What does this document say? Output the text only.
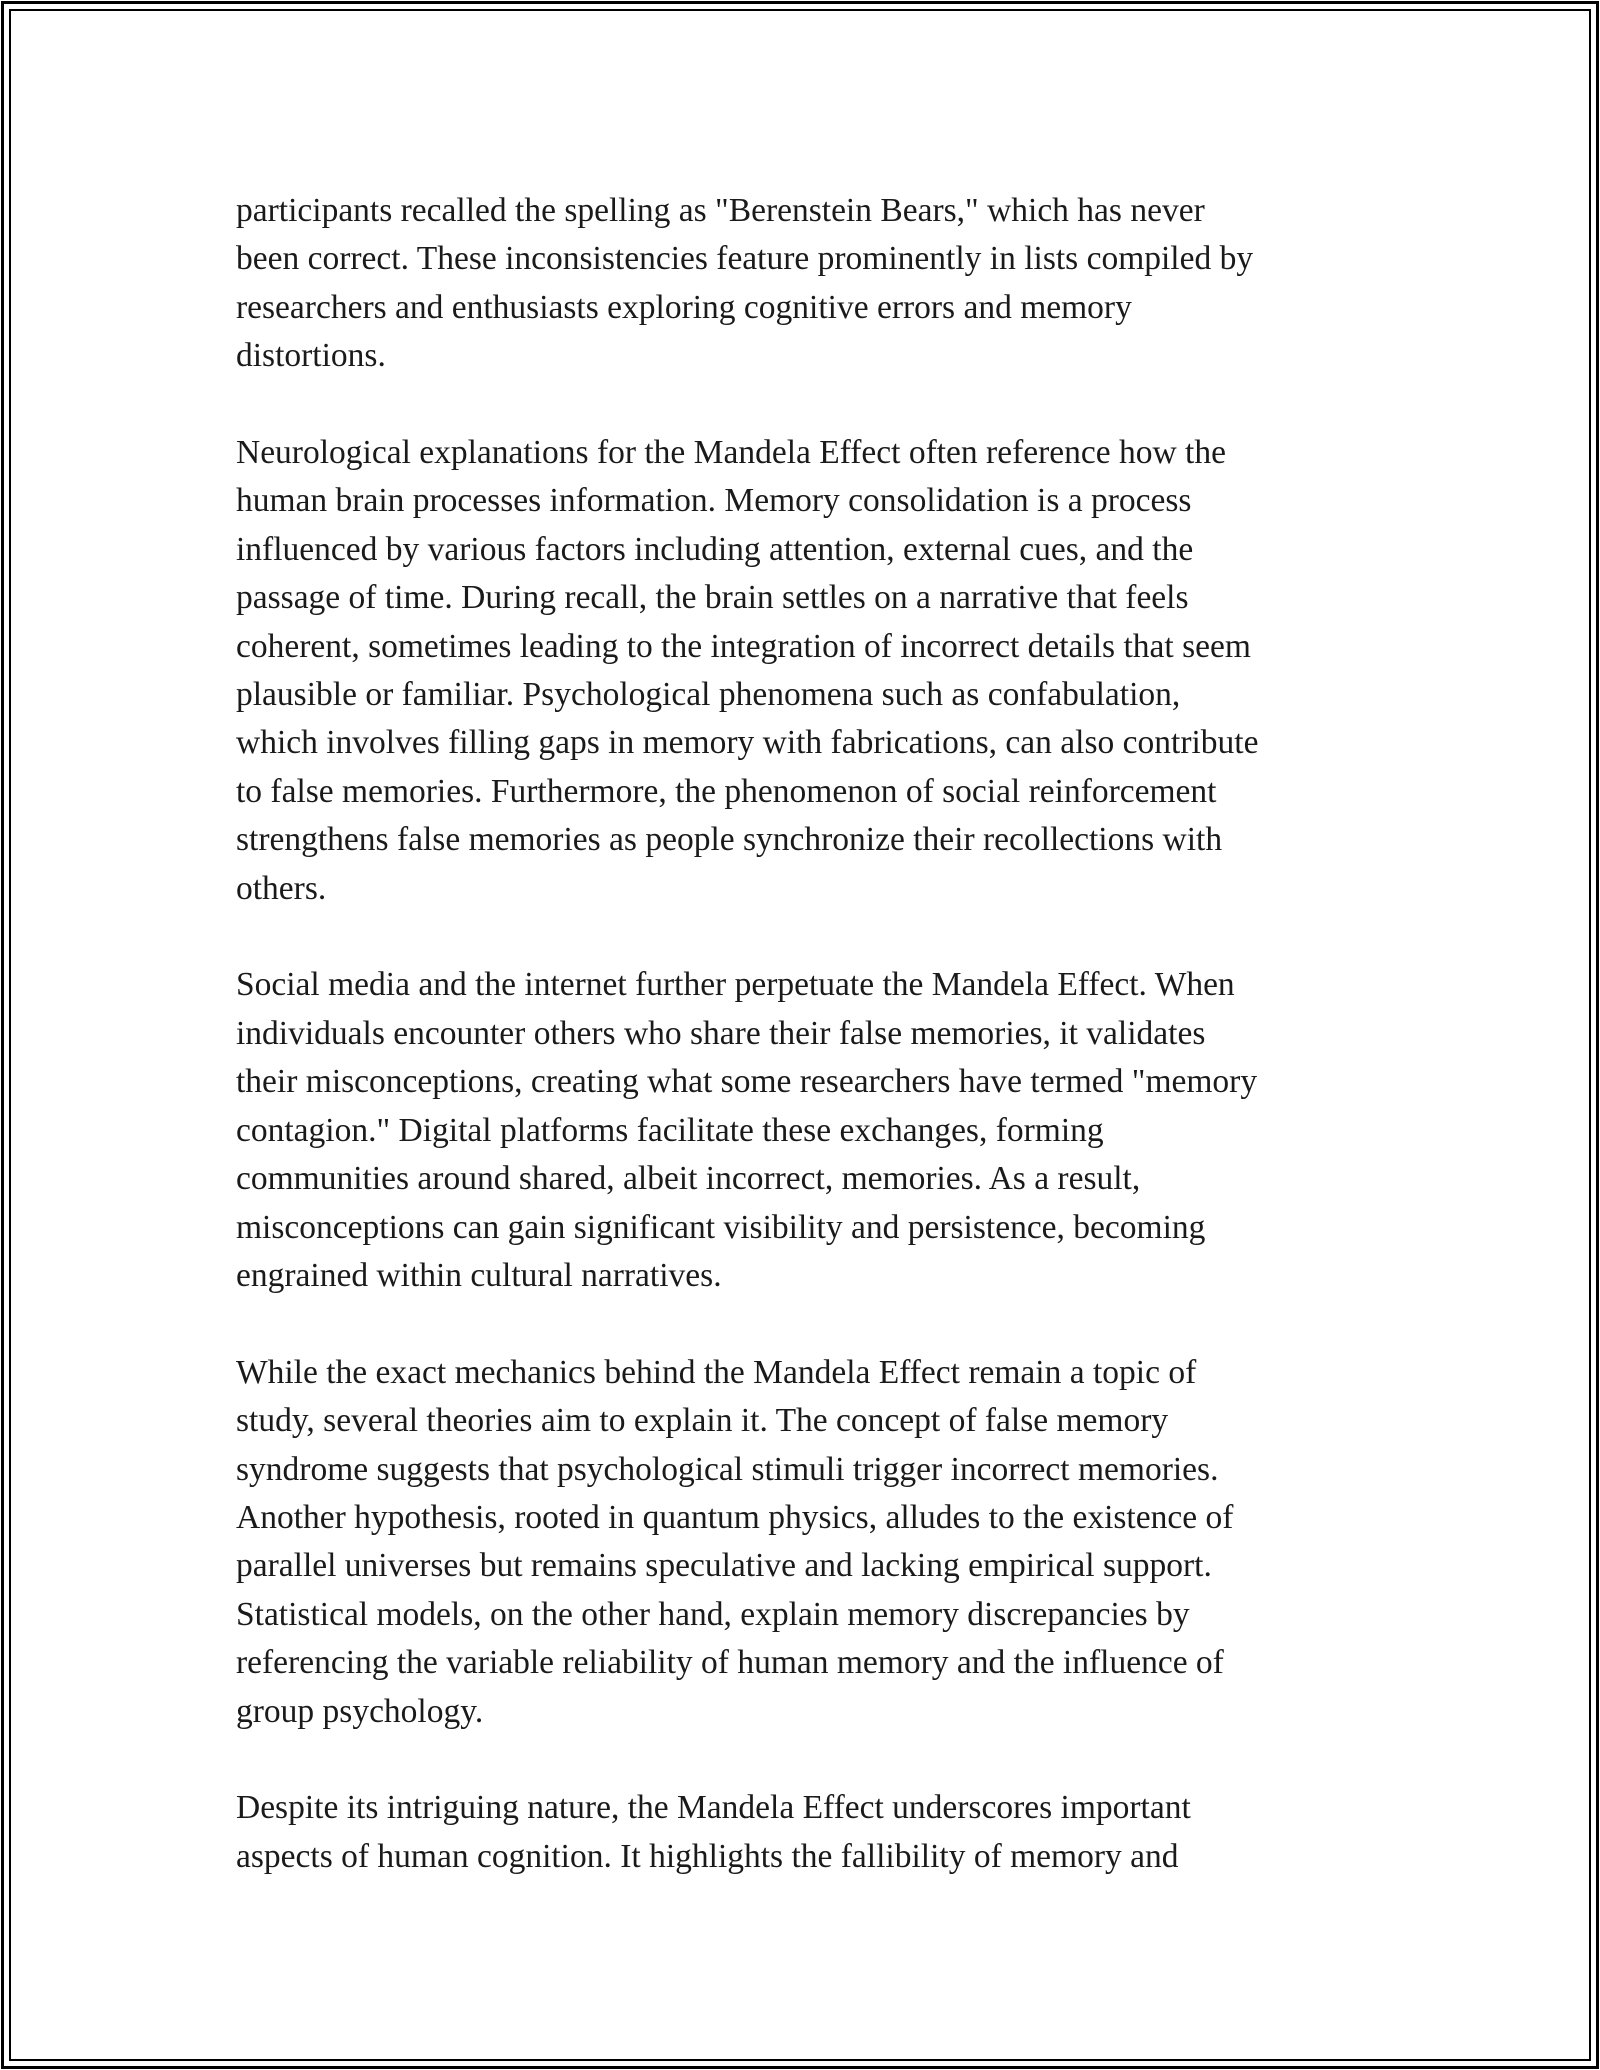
participants recalled the spelling as "Berenstein Bears," which has never
been correct. These inconsistencies feature prominently in lists compiled by
researchers and enthusiasts exploring cognitive errors and memory
distortions.

Neurological explanations for the Mandela Effect often reference how the
human brain processes information. Memory consolidation is a process
influenced by various factors including attention, external cues, and the
passage of time. During recall, the brain settles on a narrative that feels
coherent, sometimes leading to the integration of incorrect details that seem
plausible or familiar. Psychological phenomena such as confabulation,
which involves filling gaps in memory with fabrications, can also contribute
to false memories. Furthermore, the phenomenon of social reinforcement
strengthens false memories as people synchronize their recollections with
others.

Social media and the internet further perpetuate the Mandela Effect. When
individuals encounter others who share their false memories, it validates
their misconceptions, creating what some researchers have termed "memory
contagion." Digital platforms facilitate these exchanges, forming
communities around shared, albeit incorrect, memories. As a result,
misconceptions can gain significant visibility and persistence, becoming
engrained within cultural narratives.

While the exact mechanics behind the Mandela Effect remain a topic of
study, several theories aim to explain it. The concept of false memory
syndrome suggests that psychological stimuli trigger incorrect memories.
Another hypothesis, rooted in quantum physics, alludes to the existence of
parallel universes but remains speculative and lacking empirical support.
Statistical models, on the other hand, explain memory discrepancies by
referencing the variable reliability of human memory and the influence of
group psychology.

Despite its intriguing nature, the Mandela Effect underscores important
aspects of human cognition. It highlights the fallibility of memory and
